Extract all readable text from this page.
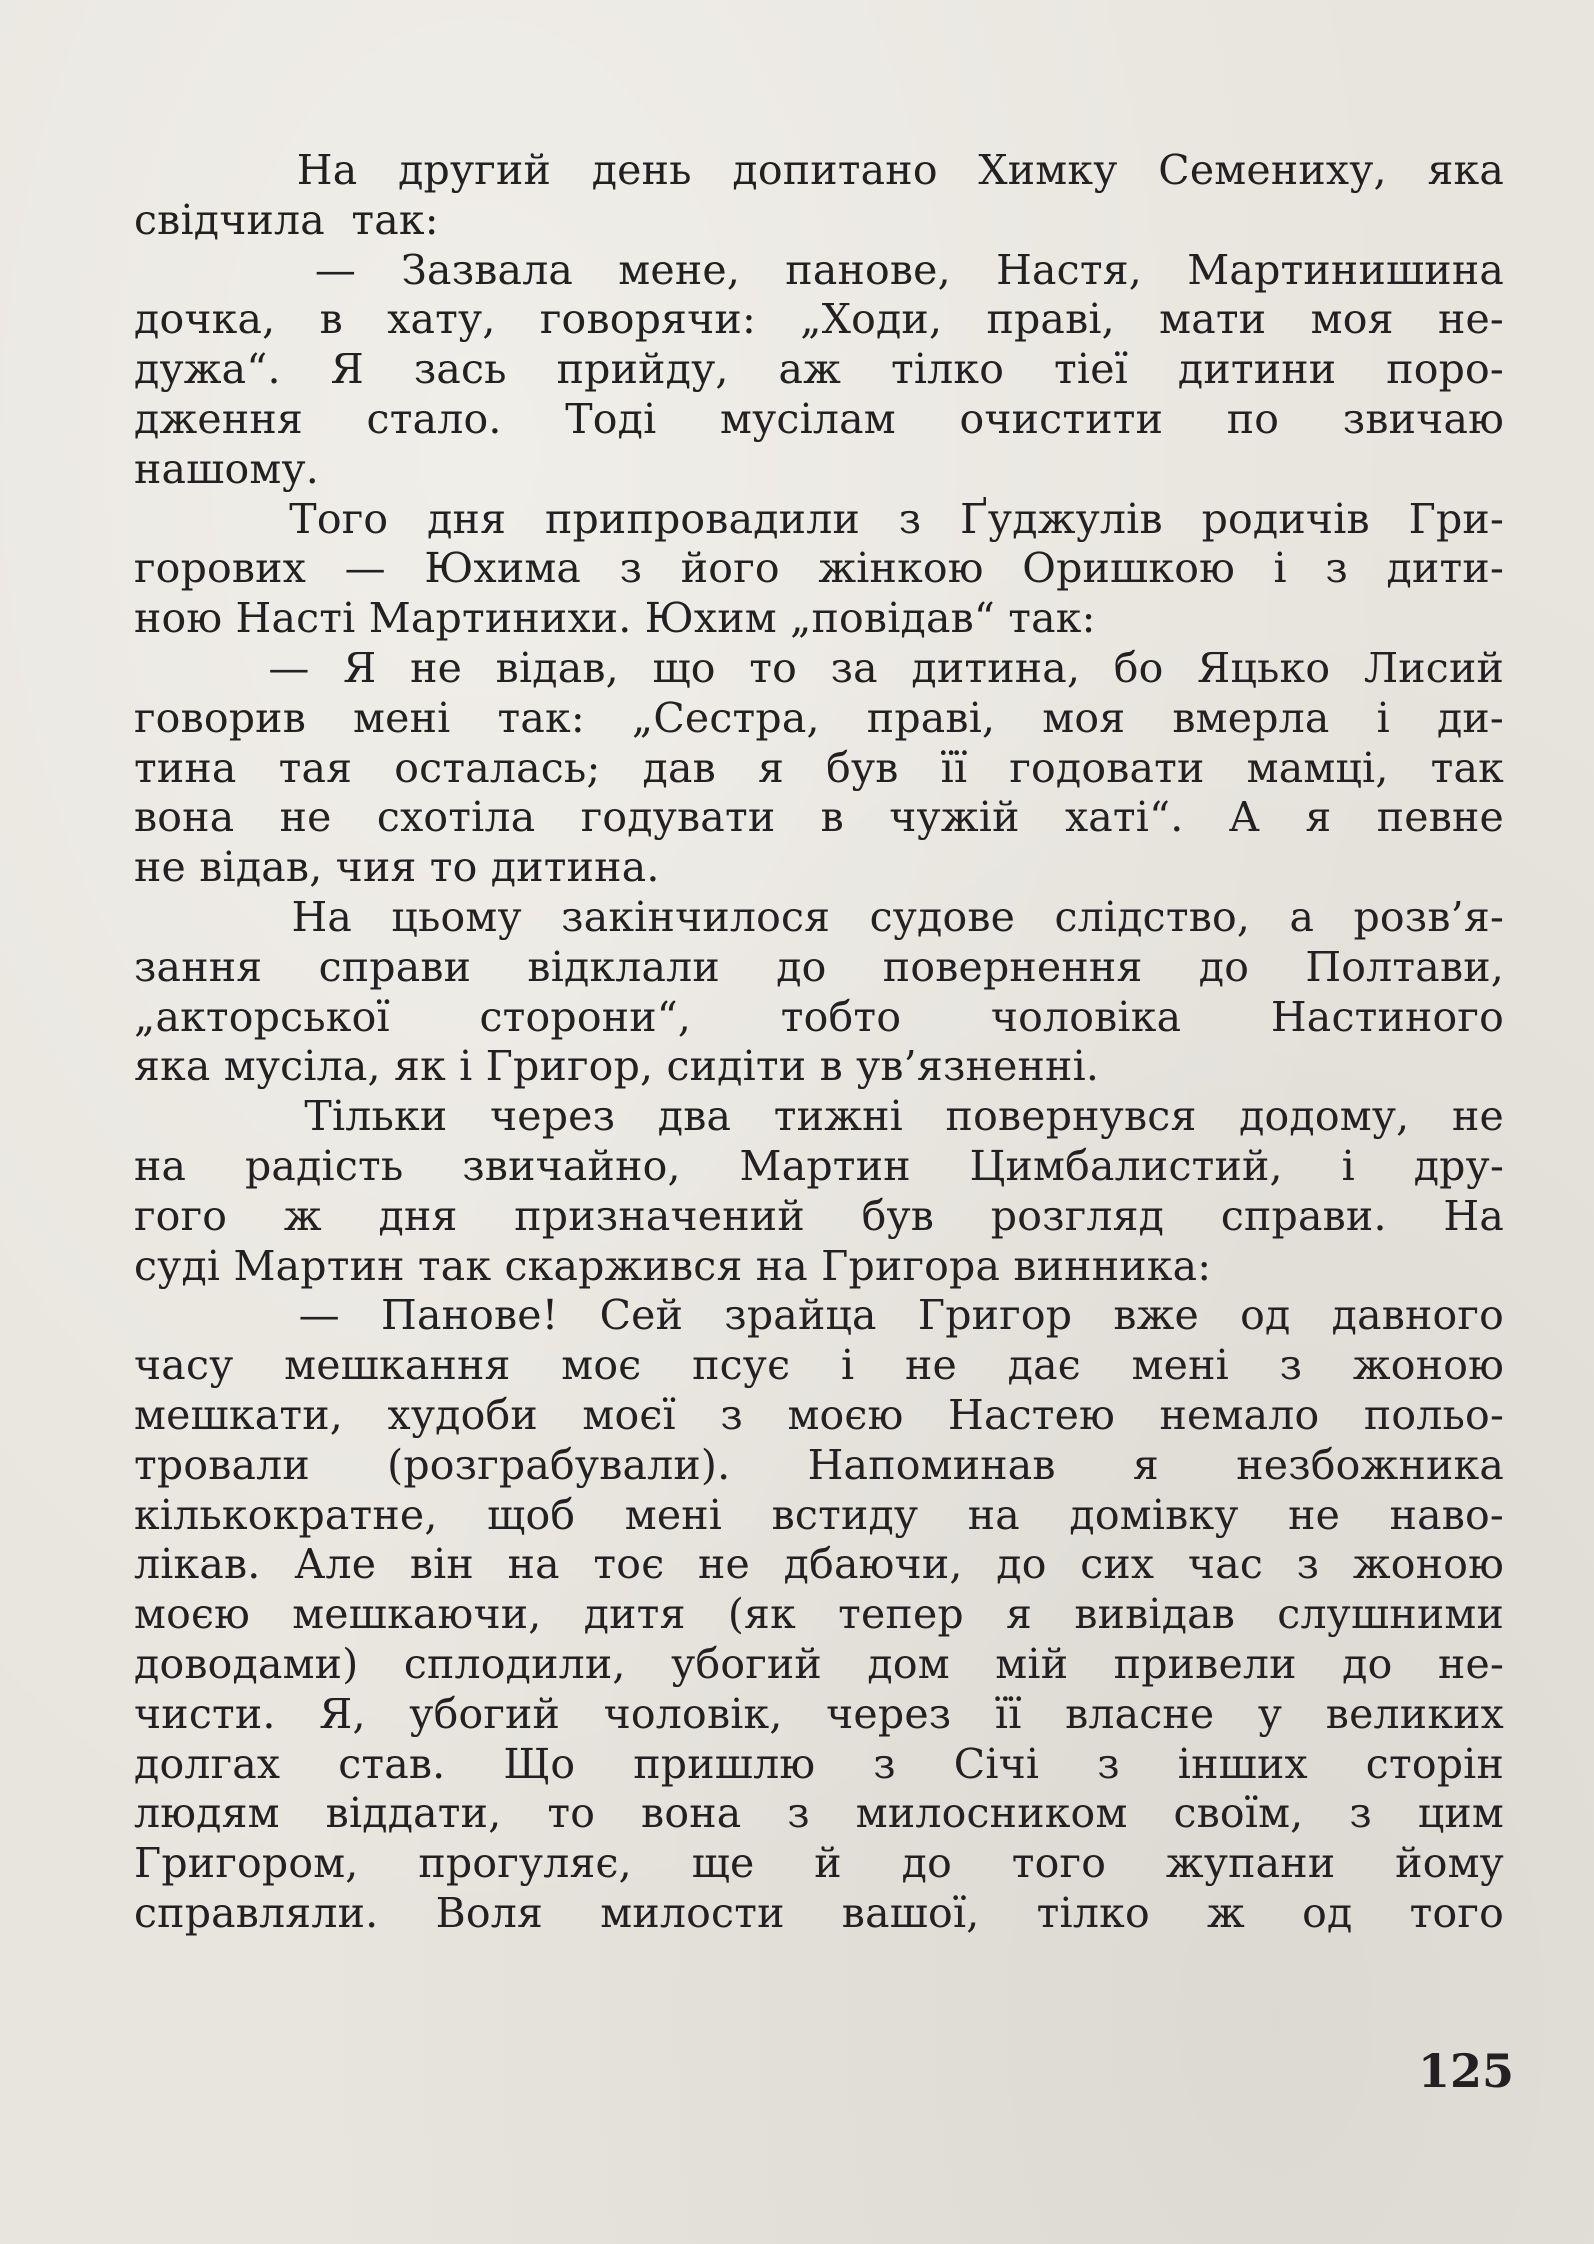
На другий день допитано Химку Семениху, яка
свідчила  так:
— Зазвала мене, панове, Настя, Мартинишина
дочка, в хату, говорячи: „Ходи, праві, мати моя не-
дужа“. Я зась прийду, аж тілко тіеї дитини поро-
дження стало. Тоді мусілам очистити по звичаю
нашому.
Того дня припровадили з Ґуджулів родичів Гри-
горових — Юхима з його жінкою Оришкою і з дити-
ною Насті Мартинихи. Юхим „повідав“ так:
— Я не відав, що то за дитина, бо Яцько Лисий
говорив мені так: „Сестра, праві, моя вмерла і ди-
тина тая осталась; дав я був її годовати мамці, так
вона не схотіла годувати в чужій хаті“. А я певне
не відав, чия то дитина.
На цьому закінчилося судове слідство, а розв’я-
зання справи відклали до повернення до Полтави,
„акторської сторони“, тобто чоловіка Настиного
яка мусіла, як і Григор, сидіти в ув’язненні.
Тільки через два тижні повернувся додому, не
на радість звичайно, Мартин Цимбалистий, і дру-
гого ж дня призначений був розгляд справи. На
суді Мартин так скаржився на Григора винника:
— Панове! Сей зрайца Григор вже од давного
часу мешкання моє псує і не дає мені з жоною
мешкати, худоби моєї з моєю Настею немало польо-
тровали (розграбували). Напоминав я незбожника
кількократне, щоб мені встиду на домівку не наво-
лікав. Але він на тоє не дбаючи, до сих час з жоною
моєю мешкаючи, дитя (як тепер я вивідав слушними
доводами) сплодили, убогий дом мій привели до не-
чисти. Я, убогий чоловік, через її власне у великих
долгах став. Що пришлю з Січі з інших сторін
людям віддати, то вона з милосником своїм, з цим
Григором, прогуляє, ще й до того жупани йому
справляли. Воля милости вашої, тілко ж од того
125
